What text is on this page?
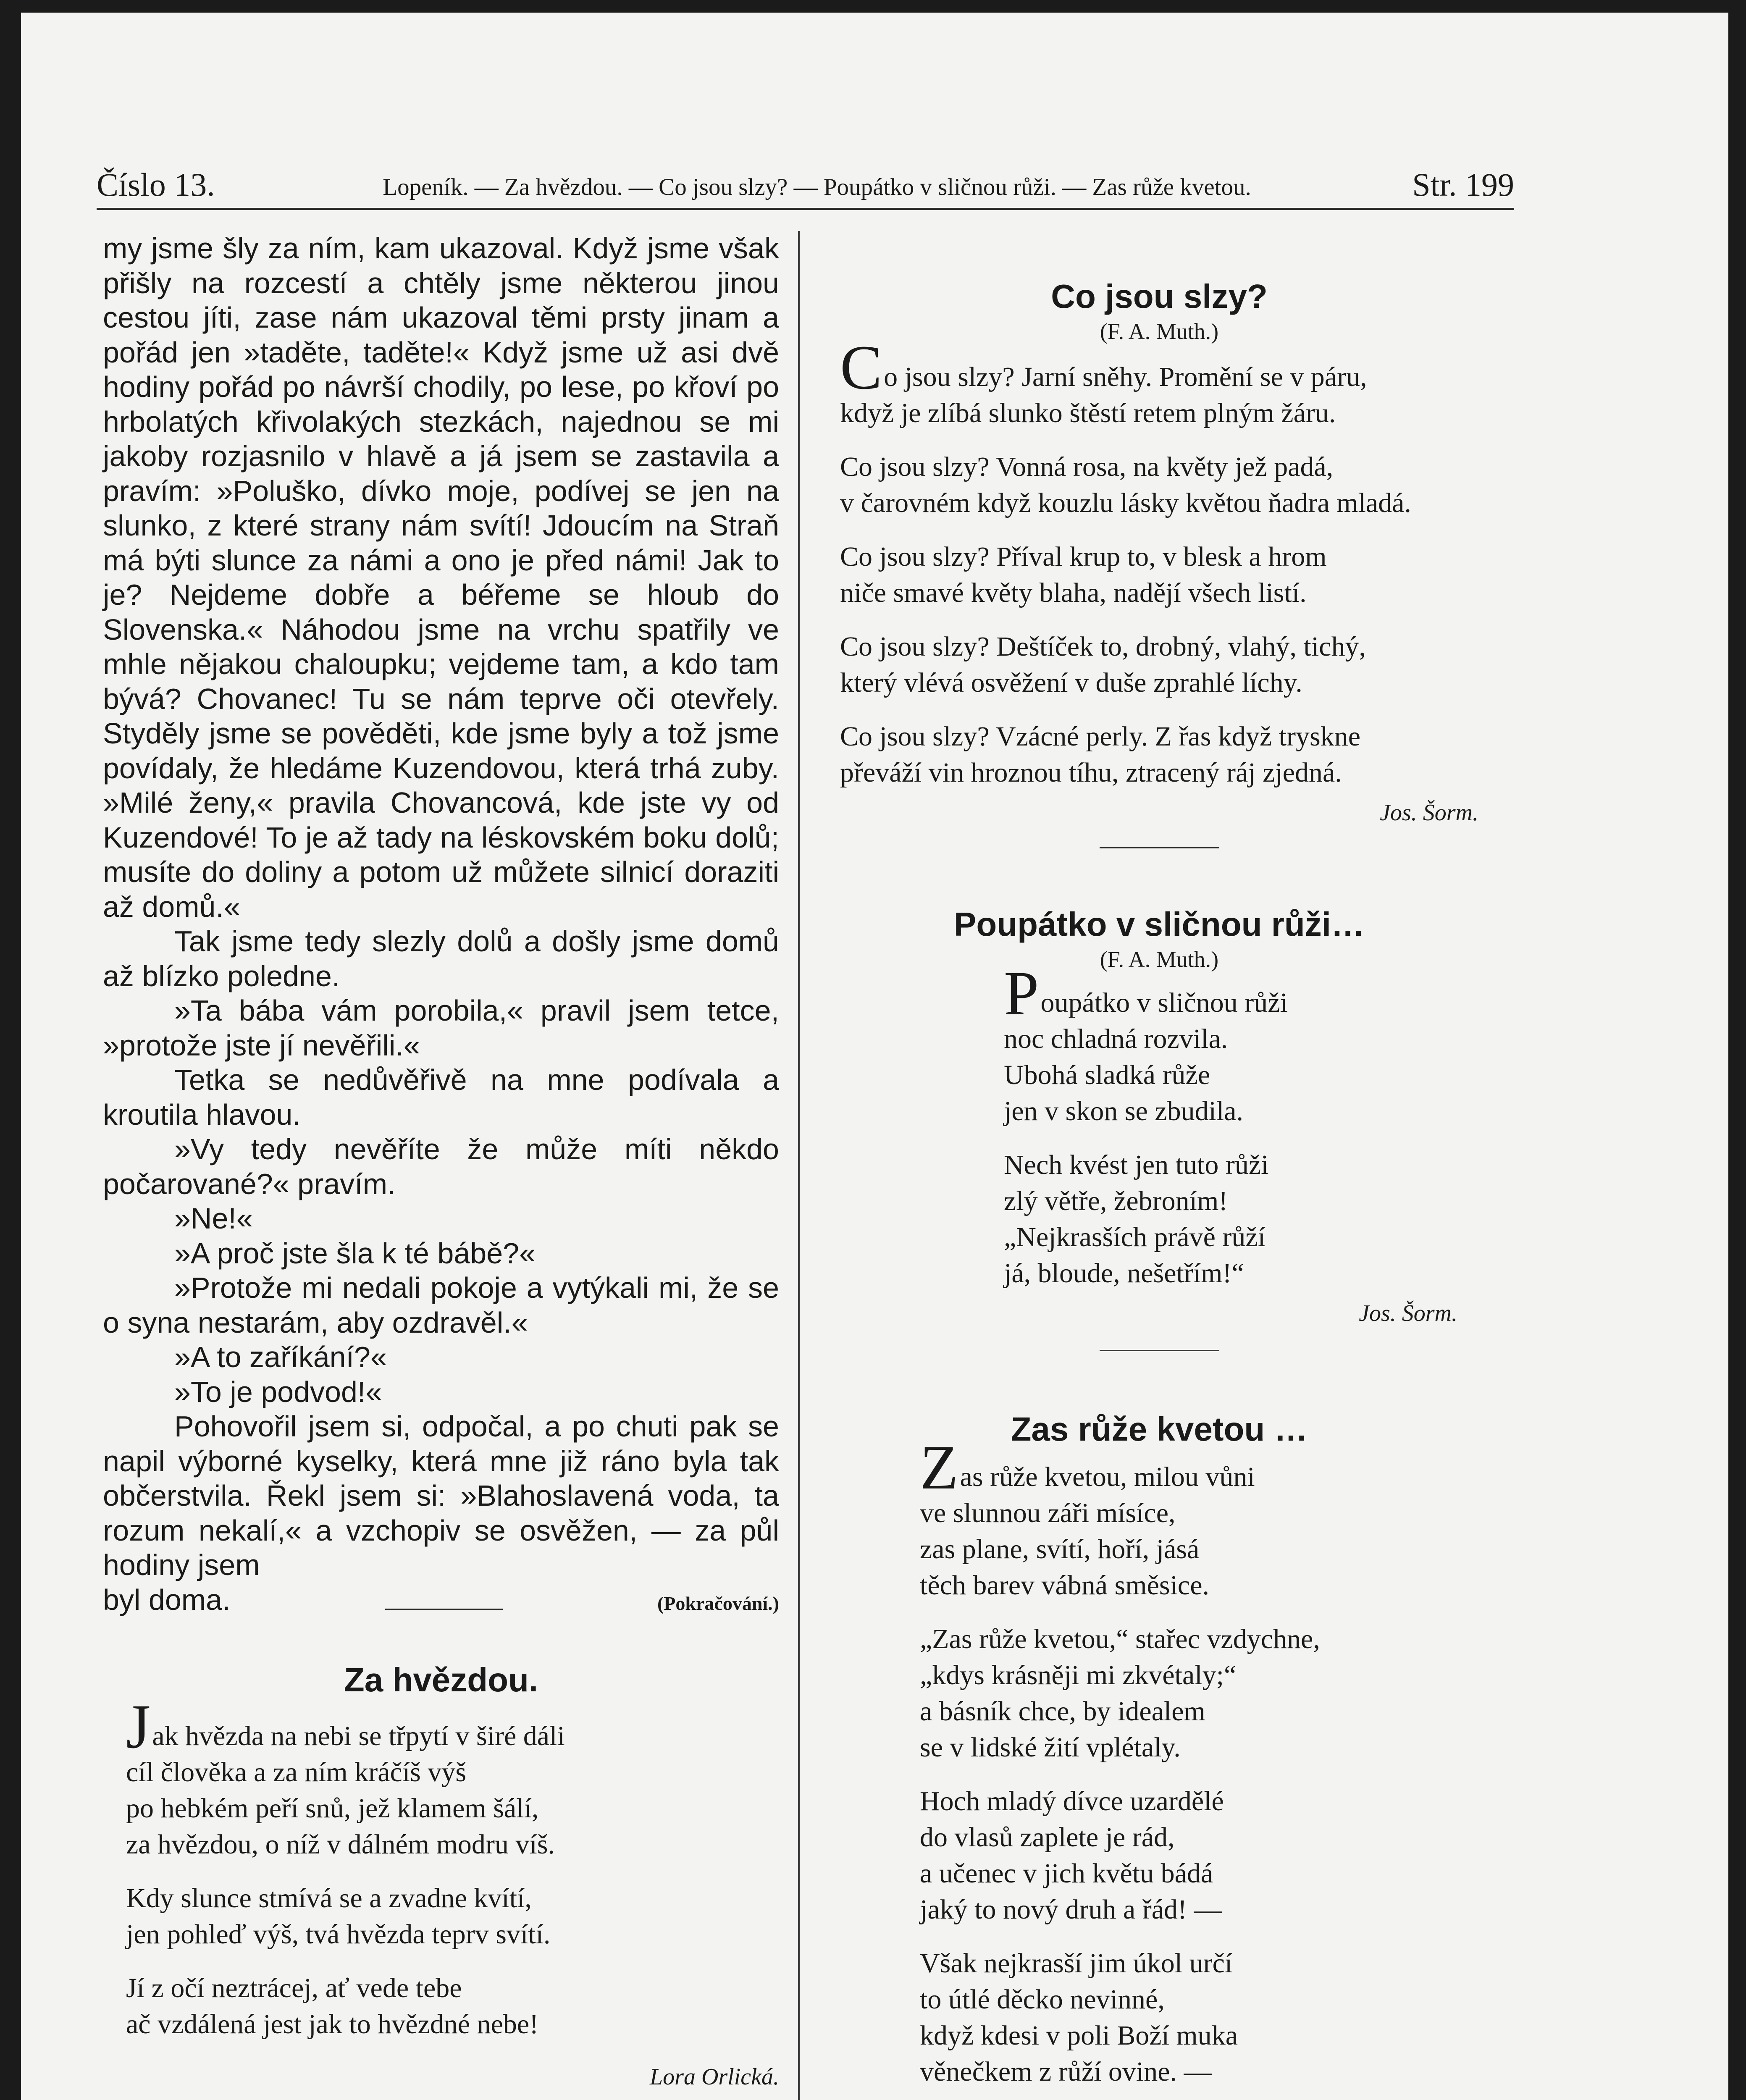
Číslo 13.	Lopeník. — Za hvězdou. — Co jsou slzy? — Poupátko v sličnou růži. — Zas růže kvetou.	Str. 199

my jsme šly za ním, kam ukazoval. Když jsme však přišly na rozcestí a chtěly jsme některou jinou cestou jíti, zase nám ukazoval těmi prsty jinam a pořád jen »taděte, taděte!« Když jsme už asi dvě hodiny pořád po návrší chodily, po lese, po křoví po hrbolatých křivolakých stezkách, najednou se mi jakoby rozjasnilo v hlavě a já jsem se zastavila a pravím: »Poluško, dívko moje, podívej se jen na slunko, z které strany nám svítí! Jdoucím na Straň má býti slunce za námi a ono je před námi! Jak to je? Nejdeme dobře a béřeme se hloub do Slovenska.« Náhodou jsme na vrchu spatřily ve mhle nějakou chaloupku; vejdeme tam, a kdo tam bývá? Chovanec! Tu se nám teprve oči otevřely. Styděly jsme se pověděti, kde jsme byly a tož jsme povídaly, že hledáme Kuzendovou, která trhá zuby. »Milé ženy,« pravila Chovancová, kde jste vy od Kuzendové! To je až tady na léskovském boku dolů; musíte do doliny a potom už můžete silnicí doraziti až domů.«

Tak jsme tedy slezly dolů a došly jsme domů až blízko poledne.

»Ta bába vám porobila,« pravil jsem tetce, »protože jste jí nevěřili.«

Tetka se nedůvěřivě na mne podívala a kroutila hlavou.

»Vy tedy nevěříte že může míti někdo počarované?« pravím.

»Ne!«

»A proč jste šla k té bábě?«

»Protože mi nedali pokoje a vytýkali mi, že se o syna nestarám, aby ozdravěl.«

»A to zaříkání?«

»To je podvod!«

Pohovořil jsem si, odpočal, a po chuti pak se napil výborné kyselky, která mne již ráno byla tak občerstvila. Řekl jsem si: »Blahoslavená voda, ta rozum nekalí,« a vzchopiv se osvěžen, — za půl hodiny jsem

byl doma.	(Pokračování.)

Za hvězdou.
Jak hvězda na nebi se třpytí v širé dáli
cíl člověka a za ním kráčíš výš
po hebkém peří snů, jež klamem šálí,
za hvězdou, o níž v dálném modru víš.
Kdy slunce stmívá se a zvadne kvítí,
jen pohleď výš, tvá hvězda teprv svítí.
Jí z očí neztrácej, ať vede tebe
ač vzdálená jest jak to hvězdné nebe!

Lora Orlická.

Co jsou slzy?

(F. A. Muth.)

Co jsou slzy? Jarní sněhy. Promění se v páru,
když je zlíbá slunko štěstí retem plným žáru.
Co jsou slzy? Vonná rosa, na květy jež padá,
v čarovném když kouzlu lásky květou ňadra mladá.
Co jsou slzy? Příval krup to, v blesk a hrom
niče smavé květy blaha, nadějí všech listí.
Co jsou slzy? Deštíček to, drobný, vlahý, tichý,
který vlévá osvěžení v duše zprahlé líchy.
Co jsou slzy? Vzácné perly. Z řas když tryskne
převáží vin hroznou tíhu, ztracený ráj zjedná.

Jos. Šorm.

Poupátko v sličnou růži…

(F. A. Muth.)

Poupátko v sličnou růži
noc chladná rozvila.
Ubohá sladká růže
jen v skon se zbudila.
Nech kvést jen tuto růži
zlý větře, žebroním!
„Nejkrasších právě růží
já, bloude, nešetřím!“

Jos. Šorm.

Zas růže kvetou …
Zas růže kvetou, milou vůni
ve slunnou záři mísíce,
zas plane, svítí, hoří, jásá
těch barev vábná směsice.
„Zas růže kvetou,“ stařec vzdychne,
„kdys krásněji mi zkvétaly;“
a básník chce, by idealem
se v lidské žití vplétaly.
Hoch mladý dívce uzardělé
do vlasů zaplete je rád,
a učenec v jich květu bádá
jaký to nový druh a řád! —
Však nejkrasší jim úkol určí
to útlé děcko nevinné,
když kdesi v poli Boží muka
věnečkem z růží ovine. —
